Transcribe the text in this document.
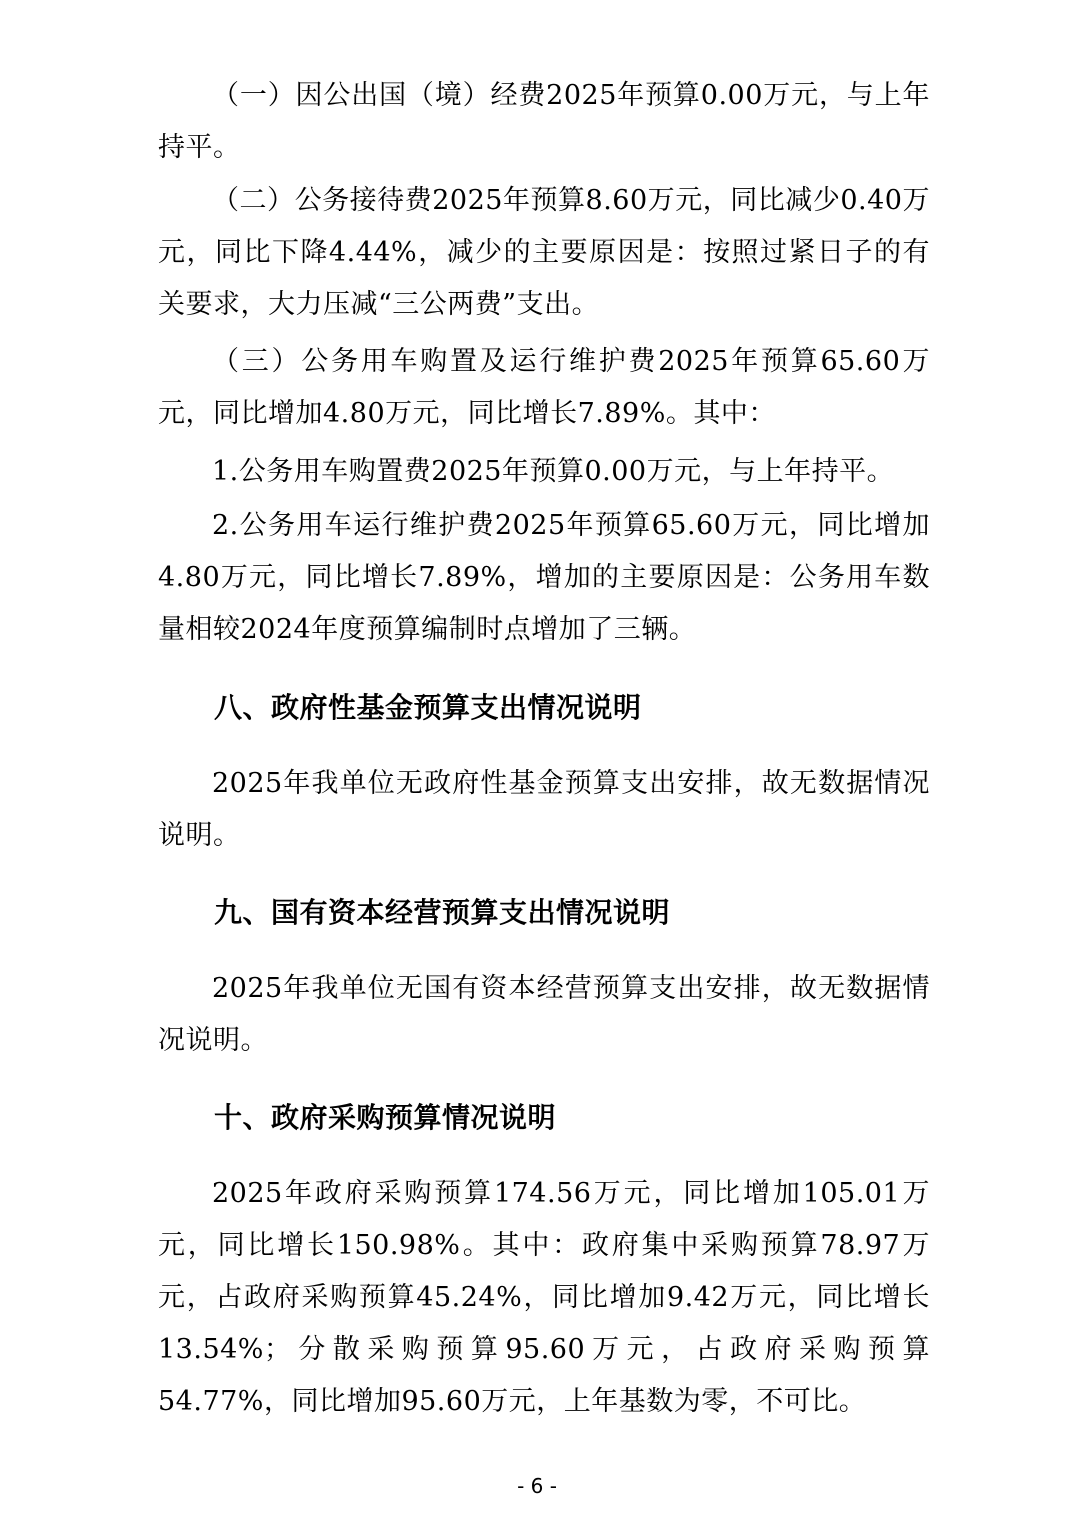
（一）因公出国（境）经费2025年预算0.00万元，与上年持平。

（二）公务接待费2025年预算8.60万元，同比减少0.40万元，同比下降4.44%，减少的主要原因是：按照过紧日子的有关要求，大力压减“三公两费”支出。

（三）公务用车购置及运行维护费2025年预算65.60万元，同比增加4.80万元，同比增长7.89%。其中：

1.公务用车购置费2025年预算0.00万元，与上年持平。

2.公务用车运行维护费2025年预算65.60万元，同比增加4.80万元，同比增长7.89%，增加的主要原因是：公务用车数量相较2024年度预算编制时点增加了三辆。

八、政府性基金预算支出情况说明

2025年我单位无政府性基金预算支出安排，故无数据情况说明。

九、国有资本经营预算支出情况说明

2025年我单位无国有资本经营预算支出安排，故无数据情况说明。

十、政府采购预算情况说明

2025年政府采购预算174.56万元，同比增加105.01万元，同比增长150.98%。其中：政府集中采购预算78.97万元，占政府采购预算45.24%，同比增加9.42万元，同比增长13.54%；分散采购预算95.60万元，占政府采购预算54.77%，同比增加95.60万元，上年基数为零，不可比。

- 6 -
